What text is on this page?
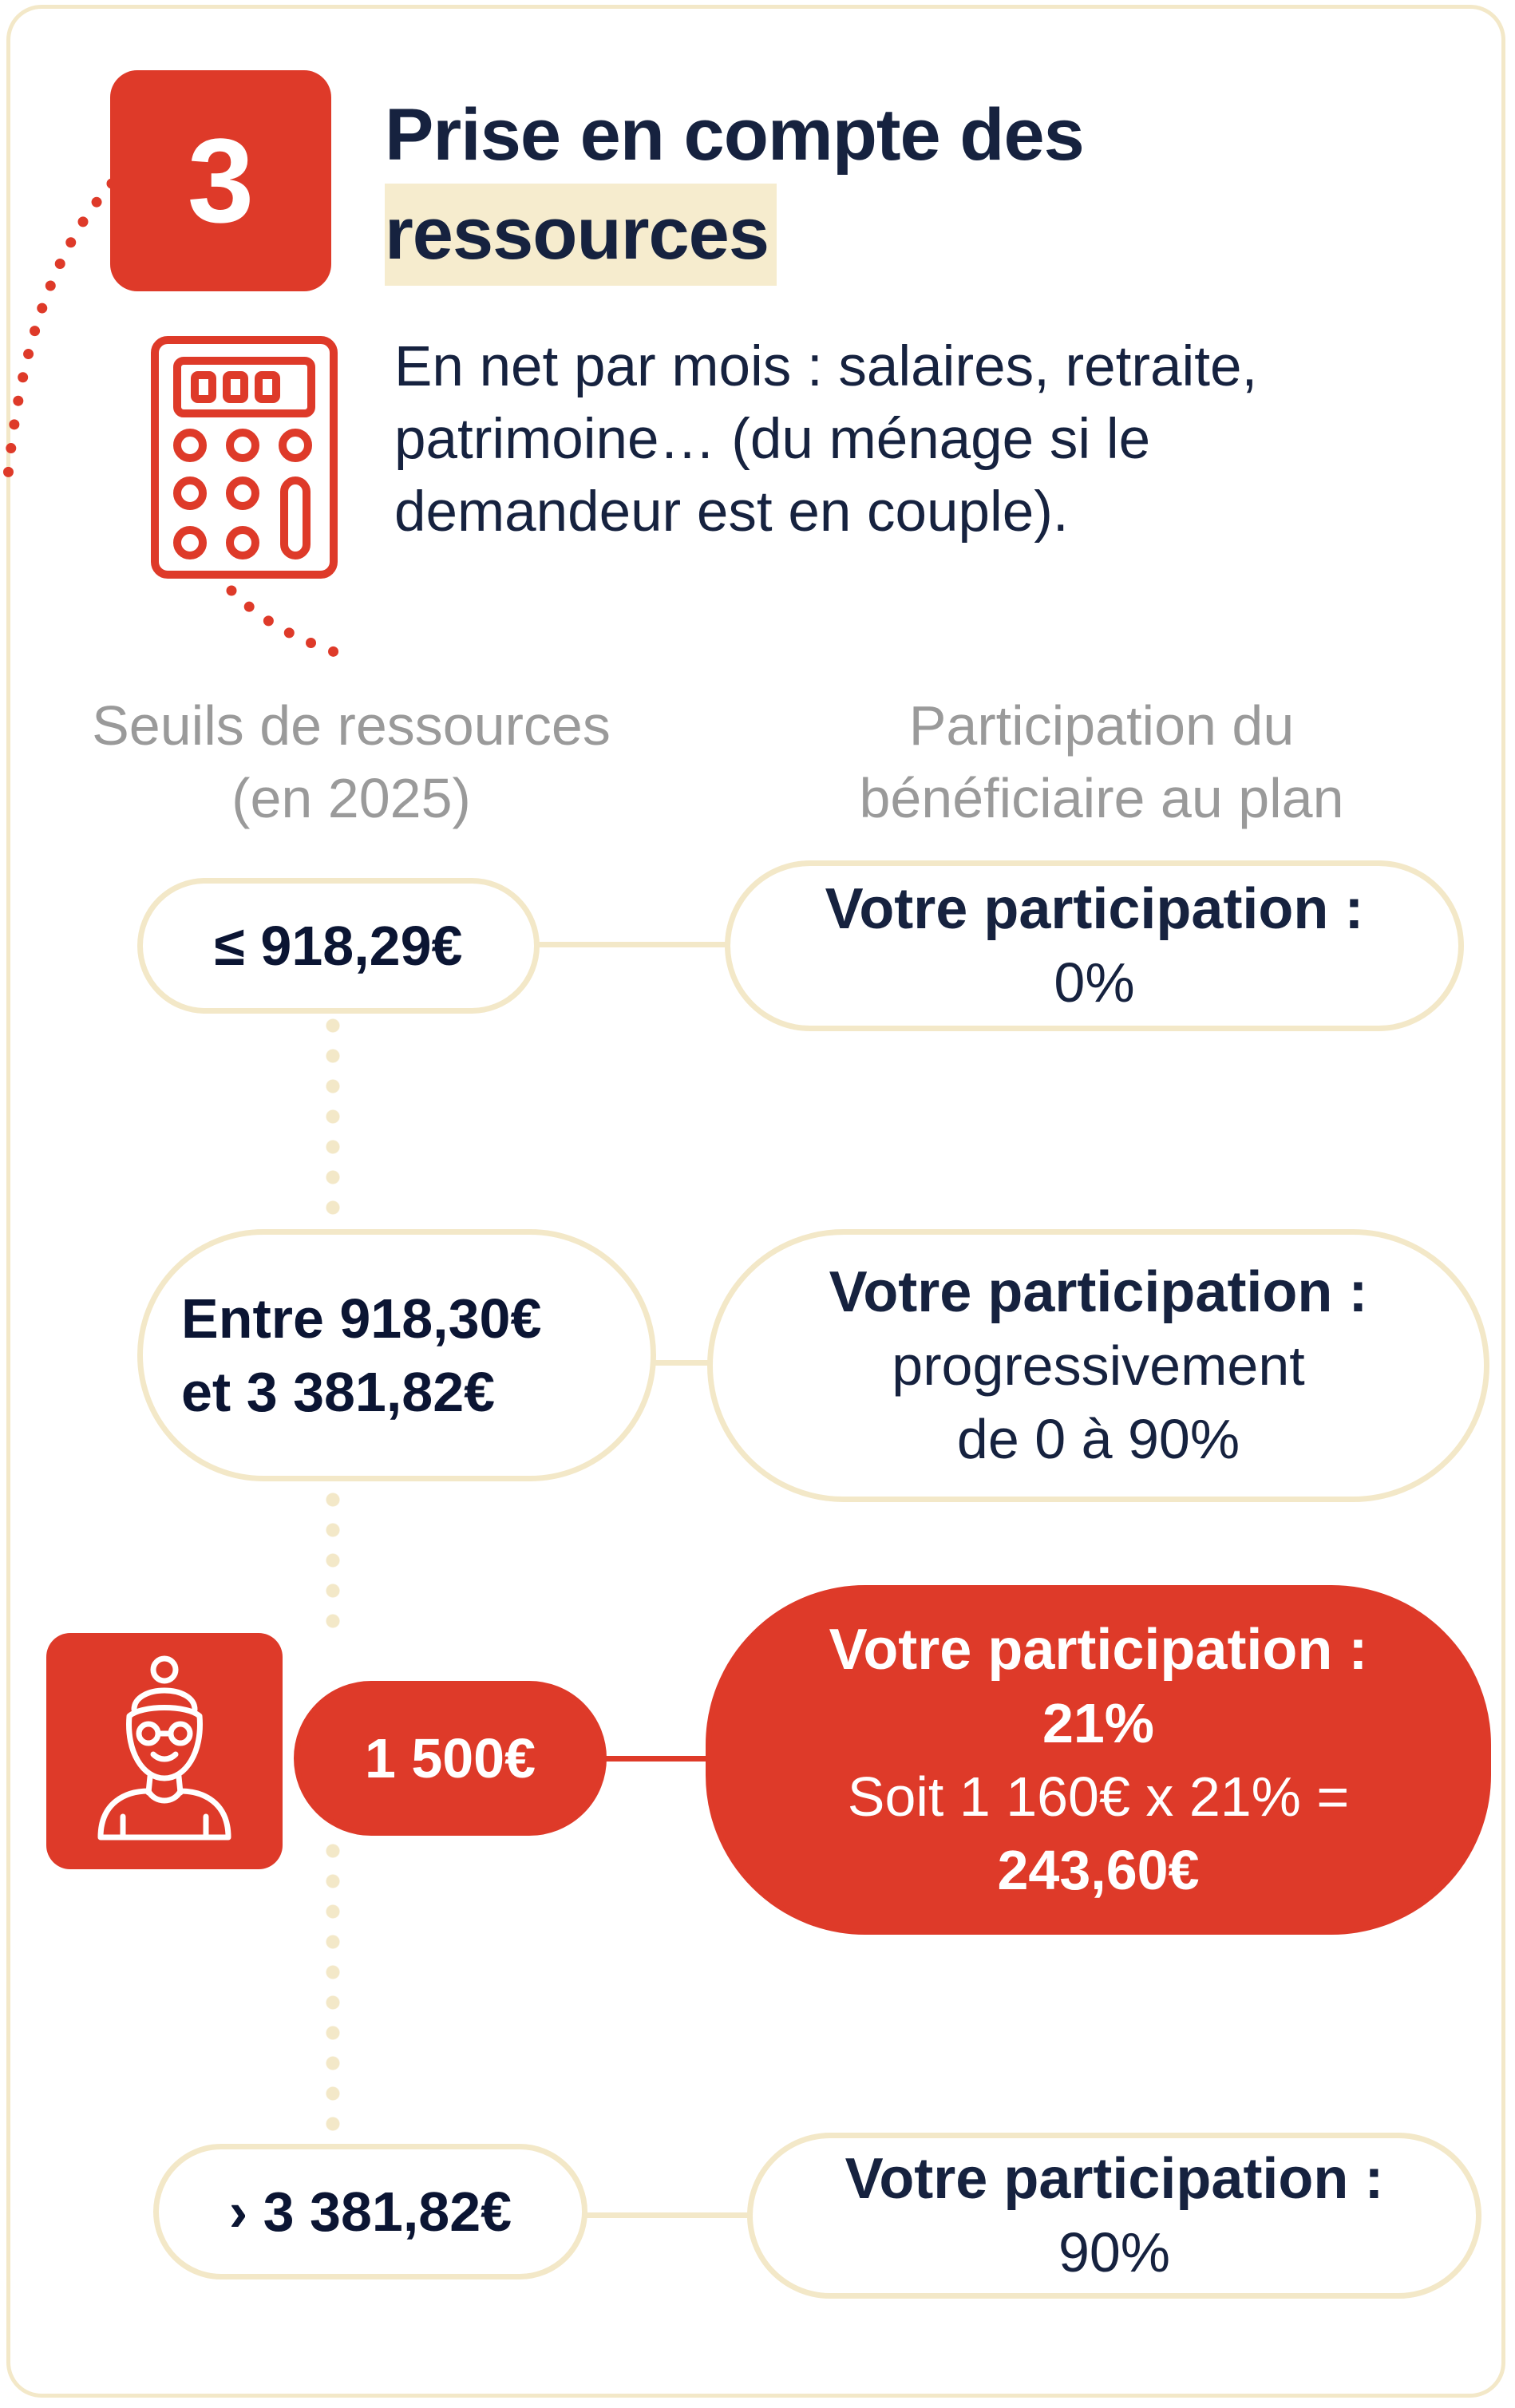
3	Prise en compte des
ressources

En net par mois : salaires, retraite,
patrimoine… (du ménage si le
demandeur est en couple).

Seuils de ressources
(en 2025)

Participation du
bénéficiaire au plan

≤ 918,29€
Votre participation :
0%
Entre 918,30€
et 3 381,82€
Votre participation :
progressivement
de 0 à 90%
1 500€
Votre participation :
21%
Soit 1 160€ x 21% =
243,60€
› 3 381,82€
Votre participation :
90%
